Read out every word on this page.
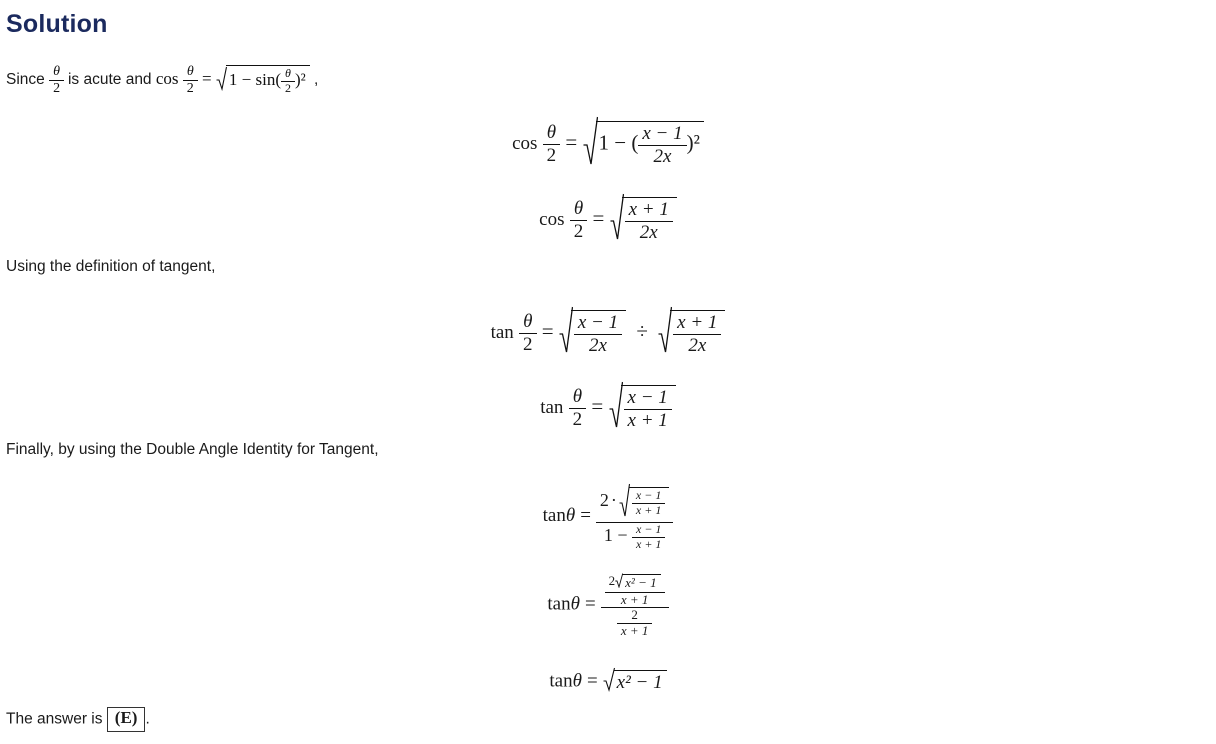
Solution
Since $\frac{\theta}{2}$ is acute and $\cos \frac{\theta}{2} = 1 - \sin( \frac{\theta}{2} )^2$ ,
$\cos \frac{\theta}{2} = 1$ − ( $\frac{x - 1}{2x} )^2$
$\cos \frac{\theta}{2} = \frac{x + 1}{2x}$
Using the definition of tangent,
$\tan \frac{\theta}{2} = \frac{x - 1}{2x} \div \frac{x + 1}{2x}$
$\tan \frac{\theta}{2} = \frac{x - 1}{x + 1}$
Finally, by using the Double Angle Identity for Tangent,
tanθ =
$2 \cdot \frac{x - 1}{x + 1}$
$1 - \frac{x - 1}{x + 1}$
$\tan\theta = \frac{\frac{\text{2 x² − 1}}{x + 1}}{\frac{2}{x + 1}}$
tanθ = x² − 1
The answer is (E) .
